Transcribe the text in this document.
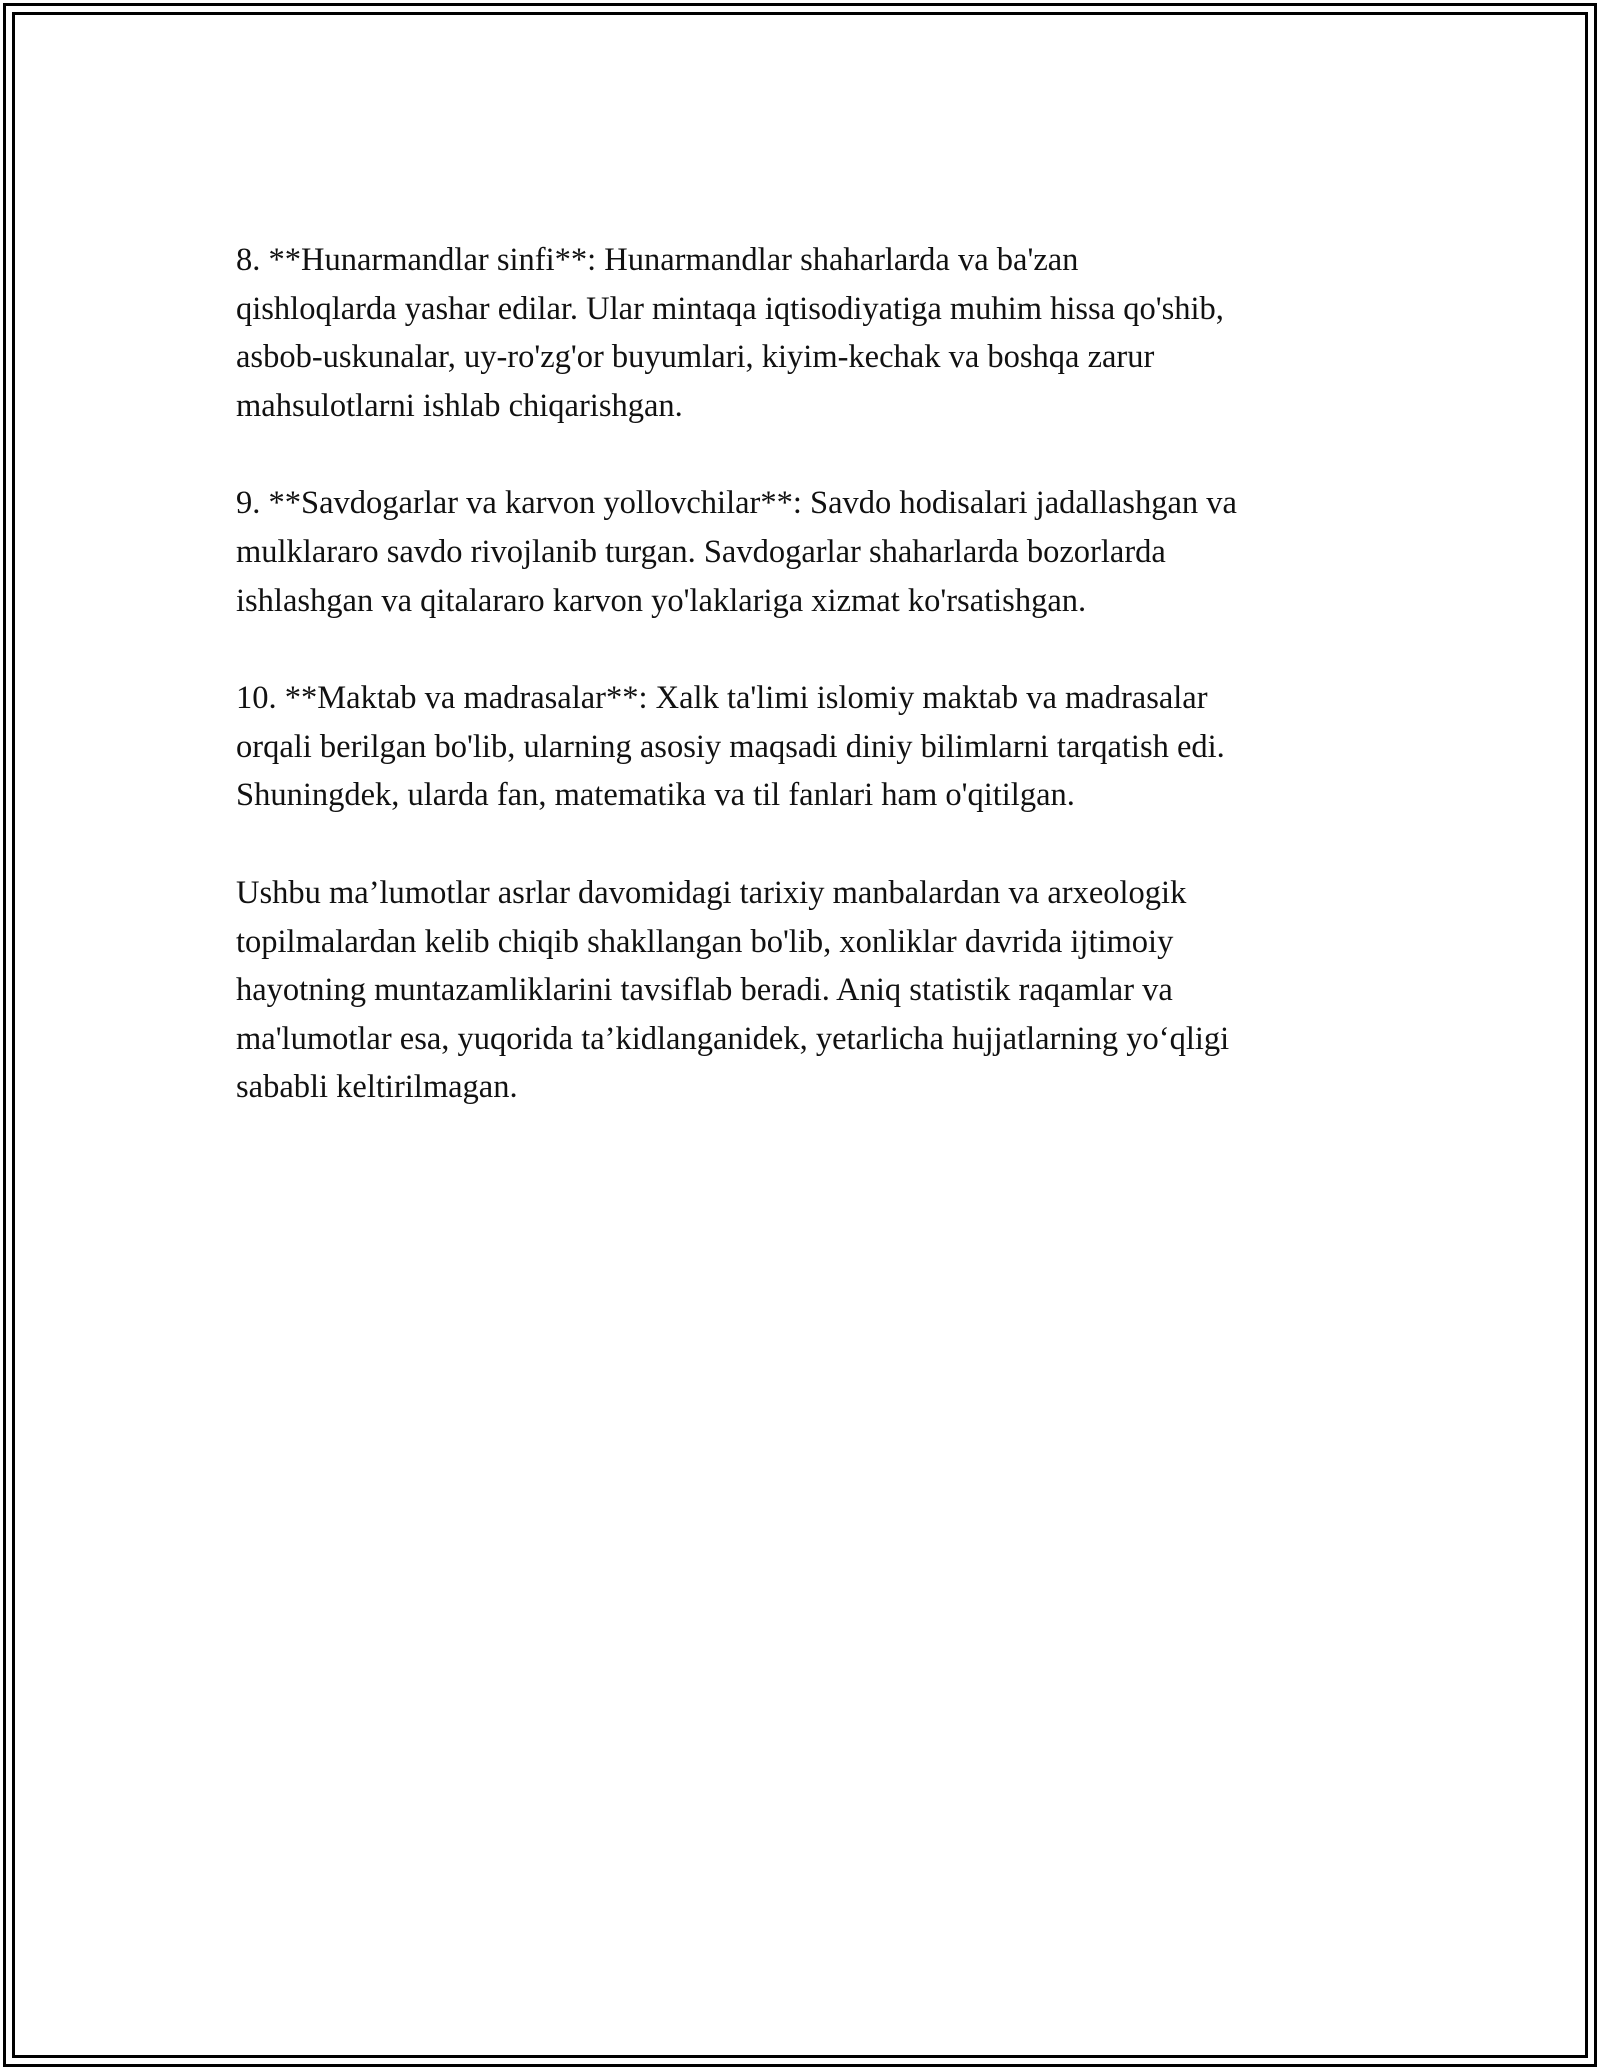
8. **Hunarmandlar sinfi**: Hunarmandlar shaharlarda va ba'zan
qishloqlarda yashar edilar. Ular mintaqa iqtisodiyatiga muhim hissa qo'shib,
asbob-uskunalar, uy-ro'zg'or buyumlari, kiyim-kechak va boshqa zarur
mahsulotlarni ishlab chiqarishgan.

9. **Savdogarlar va karvon yollovchilar**: Savdo hodisalari jadallashgan va
mulklararo savdo rivojlanib turgan. Savdogarlar shaharlarda bozorlarda
ishlashgan va qitalararo karvon yo'laklariga xizmat ko'rsatishgan.

10. **Maktab va madrasalar**: Xalk ta'limi islomiy maktab va madrasalar
orqali berilgan bo'lib, ularning asosiy maqsadi diniy bilimlarni tarqatish edi.
Shuningdek, ularda fan, matematika va til fanlari ham o'qitilgan.

Ushbu ma’lumotlar asrlar davomidagi tarixiy manbalardan va arxeologik
topilmalardan kelib chiqib shakllangan bo'lib, xonliklar davrida ijtimoiy
hayotning muntazamliklarini tavsiflab beradi. Aniq statistik raqamlar va
ma'lumotlar esa, yuqorida ta’kidlanganidek, yetarlicha hujjatlarning yo‘qligi
sababli keltirilmagan.
